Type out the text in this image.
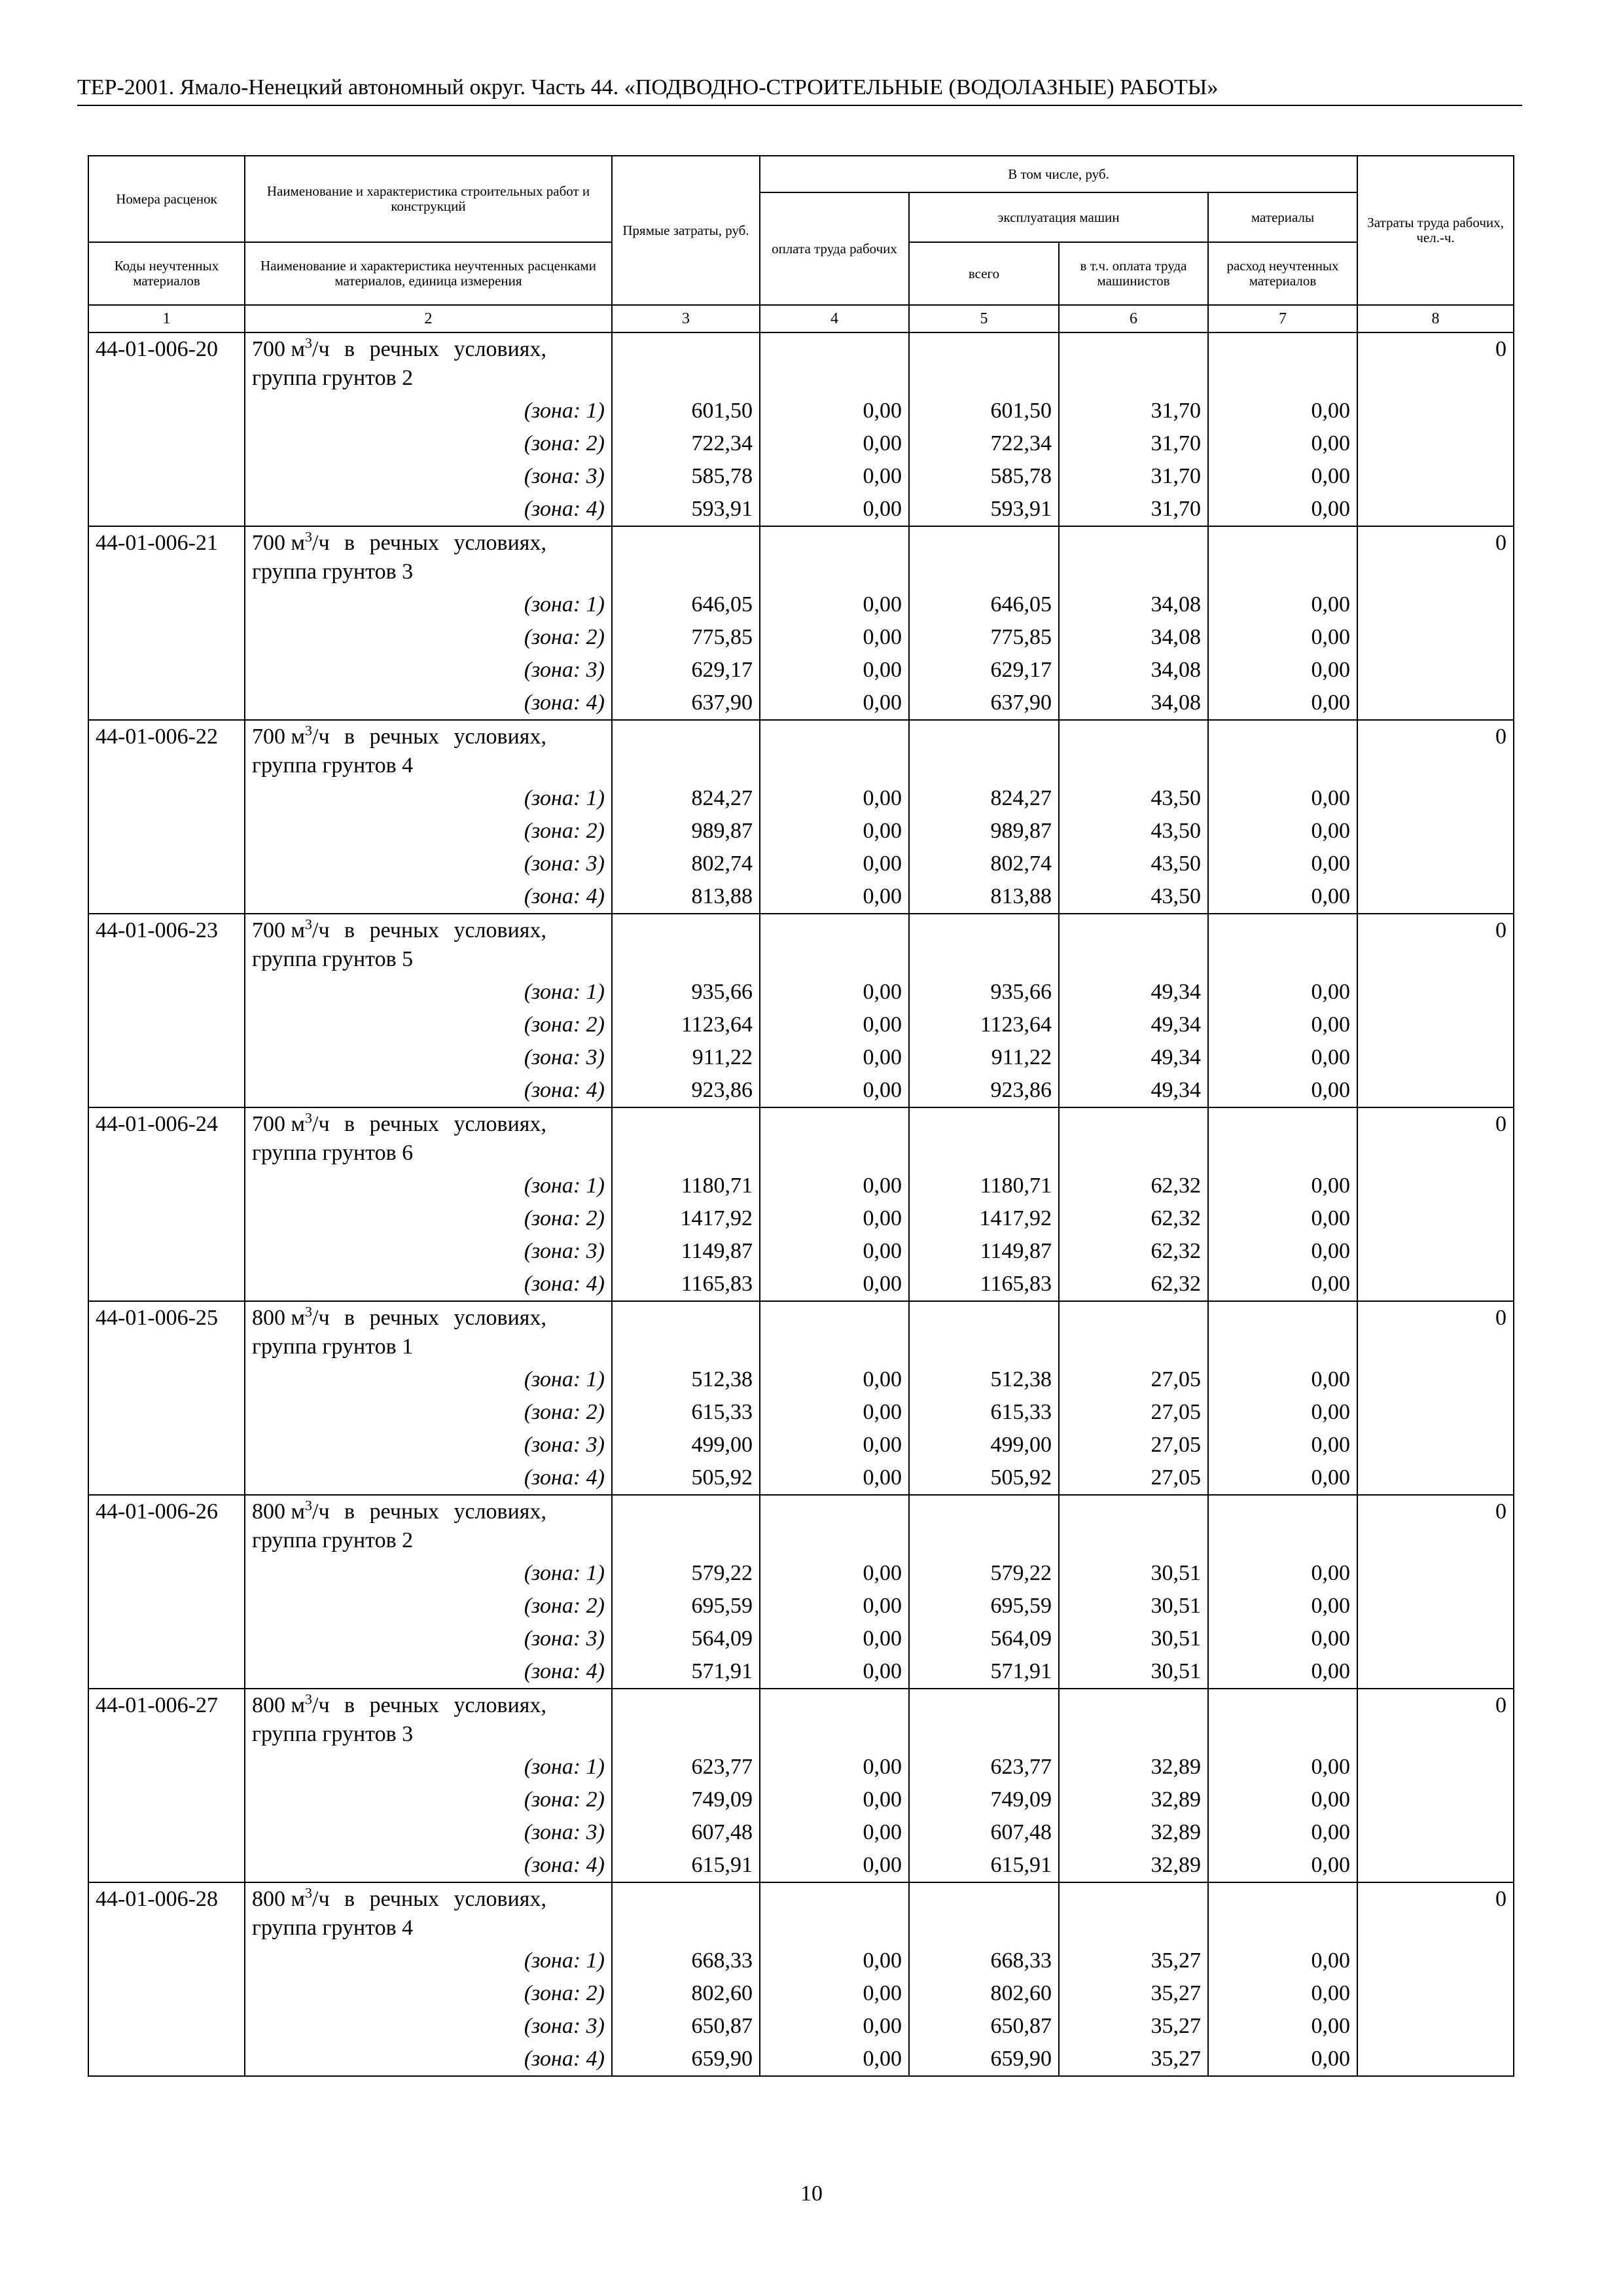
ТЕР-2001. Ямало-Ненецкий автономный округ. Часть 44. «ПОДВОДНО-СТРОИТЕЛЬНЫЕ (ВОДОЛАЗНЫЕ) РАБОТЫ»
Номера расценок	Наименование и характеристика строительных работ и конструкций	Прямые затраты, руб.	В том числе, руб.				Затраты труда рабочих, чел.-ч.
			оплата труда рабочих	эксплуатация машин		материалы	
Коды неучтенных материалов	Наименование и характеристика неучтенных расценками материалов, единица измерения			всего	в т.ч. оплата труда машинистов	расход неучтенных материалов	
1	2	3	4	5	6	7	8
44-01-006-20	700 $м^3/ч$ в речных условиях,
группа грунтов 2						0
	(зона: 1)	601,50	0,00	601,50	31,70	0,00	
	(зона: 2)	722,34	0,00	722,34	31,70	0,00	
	(зона: 3)	585,78	0,00	585,78	31,70	0,00	
	(зона: 4)	593,91	0,00	593,91	31,70	0,00	
44-01-006-21	700 $м^3/ч$ в речных условиях,
группа грунтов 3						0
	(зона: 1)	646,05	0,00	646,05	34,08	0,00	
	(зона: 2)	775,85	0,00	775,85	34,08	0,00	
	(зона: 3)	629,17	0,00	629,17	34,08	0,00	
	(зона: 4)	637,90	0,00	637,90	34,08	0,00	
44-01-006-22	700 $м^3/ч$ в речных условиях,
группа грунтов 4						0
	(зона: 1)	824,27	0,00	824,27	43,50	0,00	
	(зона: 2)	989,87	0,00	989,87	43,50	0,00	
	(зона: 3)	802,74	0,00	802,74	43,50	0,00	
	(зона: 4)	813,88	0,00	813,88	43,50	0,00	
44-01-006-23	700 $м^3/ч$ в речных условиях,
группа грунтов 5						0
	(зона: 1)	935,66	0,00	935,66	49,34	0,00	
	(зона: 2)	1123,64	0,00	1123,64	49,34	0,00	
	(зона: 3)	911,22	0,00	911,22	49,34	0,00	
	(зона: 4)	923,86	0,00	923,86	49,34	0,00	
44-01-006-24	700 $м^3/ч$ в речных условиях,
группа грунтов 6						0
	(зона: 1)	1180,71	0,00	1180,71	62,32	0,00	
	(зона: 2)	1417,92	0,00	1417,92	62,32	0,00	
	(зона: 3)	1149,87	0,00	1149,87	62,32	0,00	
	(зона: 4)	1165,83	0,00	1165,83	62,32	0,00	
44-01-006-25	800 $м^3/ч$ в речных условиях,
группа грунтов 1						0
	(зона: 1)	512,38	0,00	512,38	27,05	0,00	
	(зона: 2)	615,33	0,00	615,33	27,05	0,00	
	(зона: 3)	499,00	0,00	499,00	27,05	0,00	
	(зона: 4)	505,92	0,00	505,92	27,05	0,00	
44-01-006-26	800 $м^3/ч$ в речных условиях,
группа грунтов 2						0
	(зона: 1)	579,22	0,00	579,22	30,51	0,00	
	(зона: 2)	695,59	0,00	695,59	30,51	0,00	
	(зона: 3)	564,09	0,00	564,09	30,51	0,00	
	(зона: 4)	571,91	0,00	571,91	30,51	0,00	
44-01-006-27	800 $м^3/ч$ в речных условиях,
группа грунтов 3						0
	(зона: 1)	623,77	0,00	623,77	32,89	0,00	
	(зона: 2)	749,09	0,00	749,09	32,89	0,00	
	(зона: 3)	607,48	0,00	607,48	32,89	0,00	
	(зона: 4)	615,91	0,00	615,91	32,89	0,00	
44-01-006-28	800 $м^3/ч$ в речных условиях,
группа грунтов 4						0
	(зона: 1)	668,33	0,00	668,33	35,27	0,00	
	(зона: 2)	802,60	0,00	802,60	35,27	0,00	
	(зона: 3)	650,87	0,00	650,87	35,27	0,00	
	(зона: 4)	659,90	0,00	659,90	35,27	0,00	
10
